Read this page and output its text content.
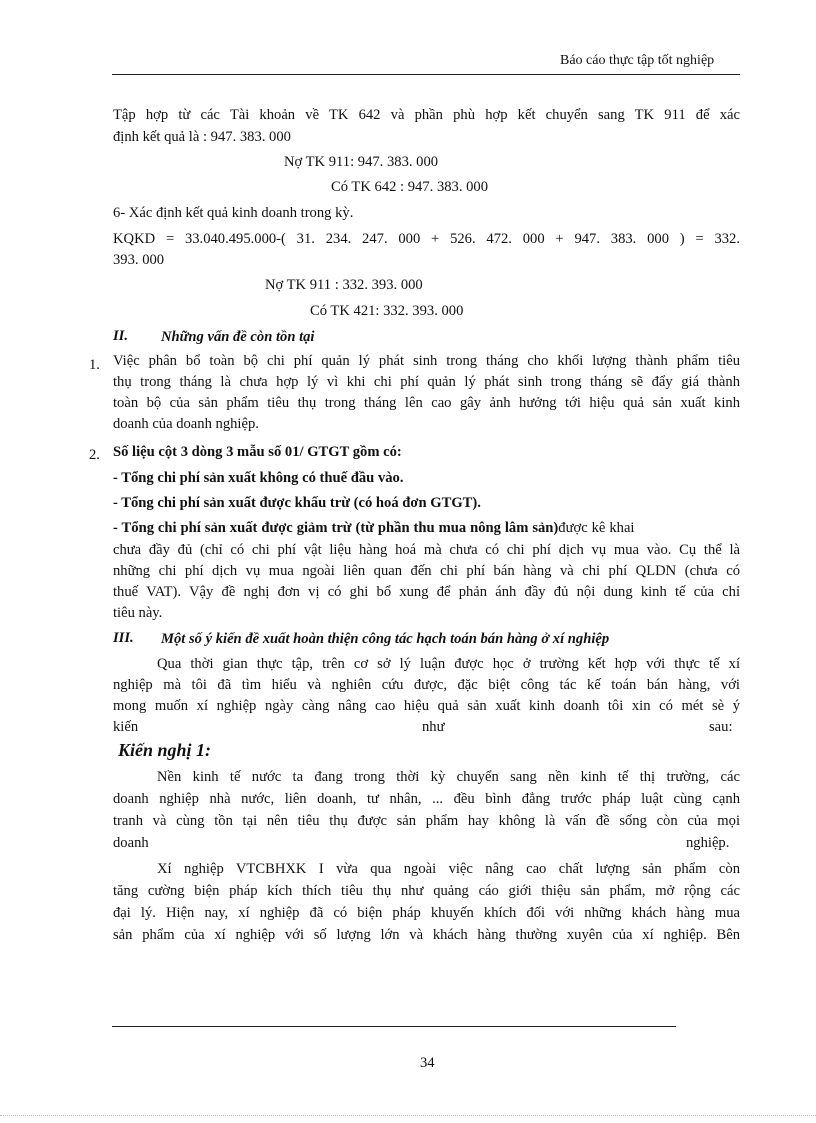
Báo cáo thực tập tốt nghiệp
Tập hợp từ các Tài khoản về TK 642 và phần phù hợp kết chuyển sang TK 911 để xác
định kết quả là : 947. 383. 000
Nợ TK 911: 947. 383. 000
Có TK 642 : 947. 383. 000
6- Xác định kết quả kinh doanh trong kỳ.
KQKD = 33.040.495.000-( 31. 234. 247. 000 + 526. 472. 000 + 947. 383. 000 ) = 332.
393. 000
Nợ TK 911 : 332. 393. 000
Có TK 421: 332. 393. 000
II. Những vấn đề còn tồn tại
1. Việc phân bổ toàn bộ chi phí quản lý phát sinh trong tháng cho khối lượng thành phẩm tiêu
thụ trong tháng là chưa hợp lý vì khi chi phí quản lý phát sinh trong tháng sẽ đẩy giá thành
toàn bộ của sản phẩm tiêu thụ trong tháng lên cao gây ảnh hưởng tới hiệu quả sản xuất kinh
doanh của doanh nghiệp.
2. Số liệu cột 3 dòng 3 mẫu số 01/ GTGT gồm có:
- Tổng chi phí sản xuất không có thuế đầu vào.
- Tổng chi phí sản xuất được khấu trừ (có hoá đơn GTGT).
- Tổng chi phí sản xuất được giảm trừ (từ phần thu mua nông lâm sản)được kê khai
chưa đầy đủ (chỉ có chi phí vật liệu hàng hoá mà chưa có chi phí dịch vụ mua vào. Cụ thể là
những chi phí dịch vụ mua ngoài liên quan đến chi phí bán hàng và chi phí QLDN (chưa có
thuế VAT). Vậy đề nghị đơn vị có ghi bổ xung để phản ánh đầy đủ nội dung kinh tế của chỉ
tiêu này.
III. Một số ý kiến đề xuất hoàn thiện công tác hạch toán bán hàng ở xí nghiệp
Qua thời gian thực tập, trên cơ sở lý luận được học ở trường kết hợp với thực tế xí
nghiệp mà tôi đã tìm hiểu và nghiên cứu được, đặc biệt công tác kế toán bán hàng, với
mong muốn xí nghiệp ngày càng nâng cao hiệu quả sản xuất kinh doanh tôi xin có mét sè ý
kiến	như	sau:
Kiến nghị 1:
Nền kinh tế nước ta đang trong thời kỳ chuyển sang nền kinh tế thị trường, các
doanh nghiệp nhà nước, liên doanh, tư nhân, ... đều bình đẳng trước pháp luật cùng cạnh
tranh và cùng tồn tại nên tiêu thụ được sản phẩm hay không là vấn đề sống còn của mọi
doanh	nghiệp.
Xí nghiệp VTCBHXK I vừa qua ngoài việc nâng cao chất lượng sản phẩm còn
tăng cường biện pháp kích thích tiêu thụ như quảng cáo giới thiệu sản phẩm, mở rộng các
đại lý. Hiện nay, xí nghiệp đã có biện pháp khuyến khích đối với những khách hàng mua
sản phẩm của xí nghiệp với số lượng lớn và khách hàng thường xuyên của xí nghiệp. Bên
34
